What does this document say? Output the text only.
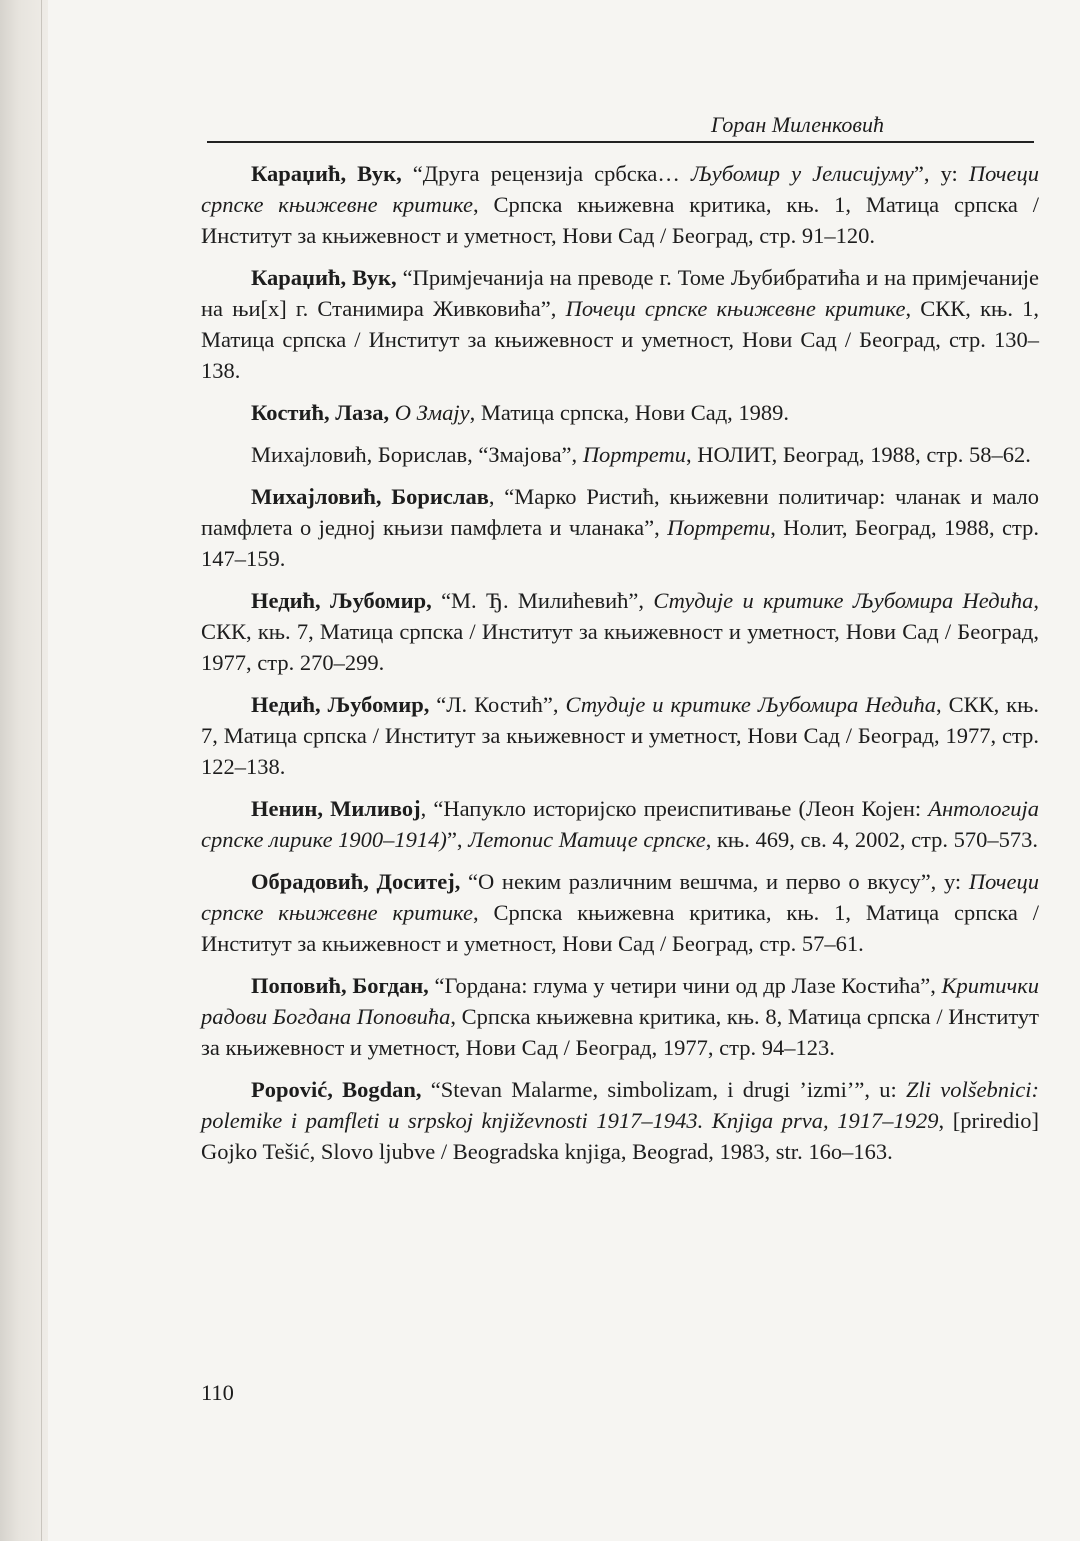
Горан Миленковић

Караџић, Вук, “Друга рецензија србска… Љубомир у Јелисијуму”, у: Почеци српске књижевне критике, Српска књижевна критика, књ. 1, Матица српска / Институт за књижевност и уметност, Нови Сад / Београд, стр. 91–120.

Караџић, Вук, “Примјечанија на преводе г. Томе Љубибратића и на примјечаније на њи[х] г. Станимира Живковића”, Почеци српске књижевне критике, СКК, књ. 1, Матица српска / Институт за књижевност и уметност, Нови Сад / Београд, стр. 130–138.

Костић, Лаза, О Змају, Матица српска, Нови Сад, 1989.

Михајловић, Борислав, “Змајова”, Портрети, НОЛИТ, Београд, 1988, стр. 58–62.

Михајловић, Борислав, “Марко Ристић, књижевни политичар: чланак и мало памфлета о једној књизи памфлета и чланака”, Портрети, Нолит, Београд, 1988, стр. 147–159.

Недић, Љубомир, “М. Ђ. Милићевић”, Студије и критике Љубомира Недића, СКК, књ. 7, Матица српска / Институт за књижевност и уметност, Нови Сад / Београд, 1977, стр. 270–299.

Недић, Љубомир, “Л. Костић”, Студије и критике Љубомира Недића, СКК, књ. 7, Матица српска / Институт за књижевност и уметност, Нови Сад / Београд, 1977, стр. 122–138.

Ненин, Миливој, “Напукло историјско преиспитивање (Леон Којен: Антологија српске лирике 1900–1914)”, Летопис Матице српске, књ. 469, св. 4, 2002, стр. 570–573.

Обрадовић, Доситеј, “О неким различним вешчма, и перво о вкусу”, у: Почеци српске књижевне критике, Српска књижевна критика, књ. 1, Матица српска / Институт за књижевност и уметност, Нови Сад / Београд, стр. 57–61.

Поповић, Богдан, “Гордана: глума у четири чини од др Лазе Костића”, Критички радови Богдана Поповића, Српска књижевна критика, књ. 8, Матица српска / Институт за књижевност и уметност, Нови Сад / Београд, 1977, стр. 94–123.

Popović, Bogdan, “Stevan Malarme, simbolizam, i drugi ’izmi’”, u: Zli volšebnici: polemike i pamfleti u srpskoj književnosti 1917–1943. Knjiga prva, 1917–1929, [priredio] Gojko Tešić, Slovo ljubve / Beogradska knjiga, Beograd, 1983, str. 16o–163.

110
